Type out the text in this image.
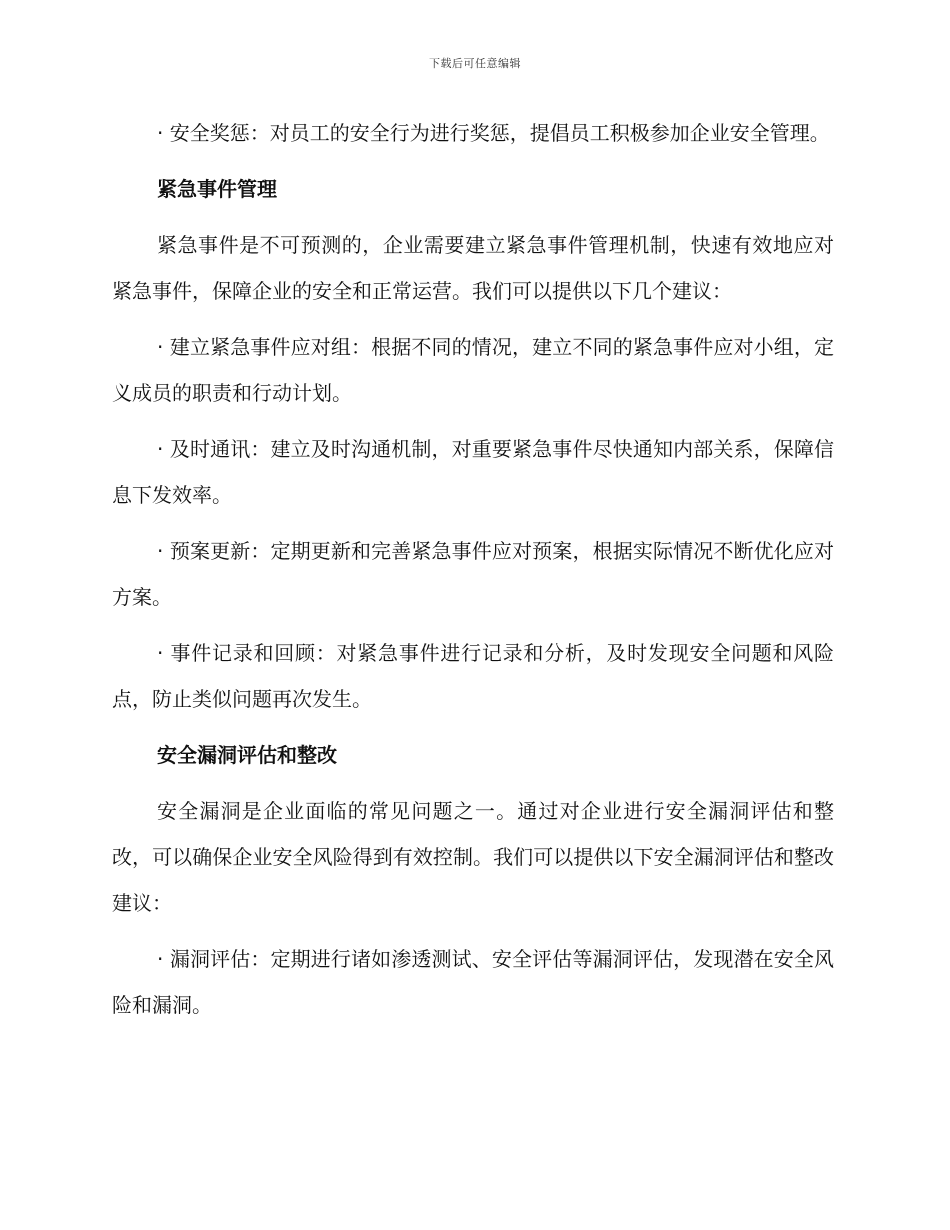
下载后可任意编辑

· 安全奖惩：对员工的安全行为进行奖惩，提倡员工积极参加企业安全管理。

紧急事件管理

紧急事件是不可预测的，企业需要建立紧急事件管理机制，快速有效地应对紧急事件，保障企业的安全和正常运营。我们可以提供以下几个建议：

· 建立紧急事件应对组：根据不同的情况，建立不同的紧急事件应对小组，定义成员的职责和行动计划。

· 及时通讯：建立及时沟通机制，对重要紧急事件尽快通知内部关系，保障信息下发效率。

· 预案更新：定期更新和完善紧急事件应对预案，根据实际情况不断优化应对方案。

· 事件记录和回顾：对紧急事件进行记录和分析，及时发现安全问题和风险点，防止类似问题再次发生。

安全漏洞评估和整改

安全漏洞是企业面临的常见问题之一。通过对企业进行安全漏洞评估和整改，可以确保企业安全风险得到有效控制。我们可以提供以下安全漏洞评估和整改建议：

· 漏洞评估：定期进行诸如渗透测试、安全评估等漏洞评估，发现潜在安全风险和漏洞。
